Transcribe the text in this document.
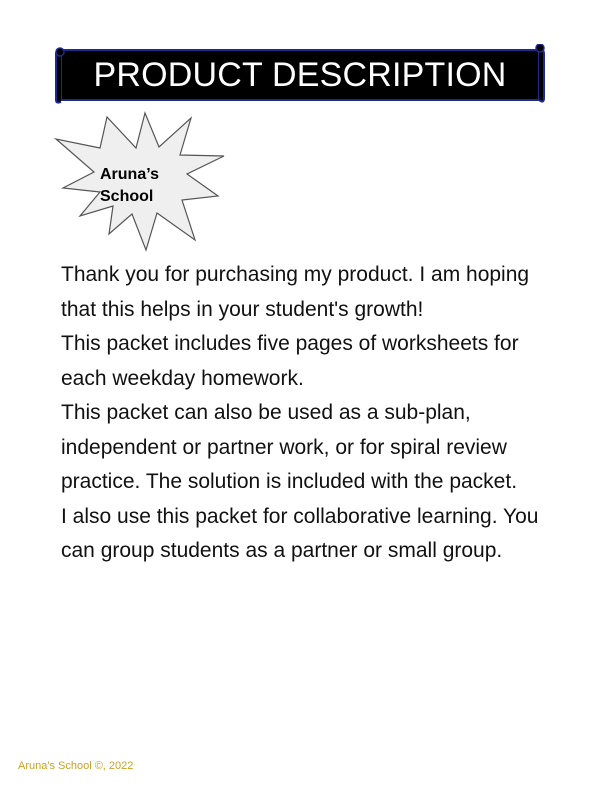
PRODUCT DESCRIPTION
Aruna’s
School

Thank you for purchasing my product. I am hoping that this helps in your student's growth!

This packet includes five pages of worksheets for each weekday homework.

This packet can also be used as a sub-plan, independent or partner work, or for spiral review practice. The solution is included with the packet.

I also use this packet for collaborative learning. You can group students as a partner or small group.

Aruna's School ©, 2022
